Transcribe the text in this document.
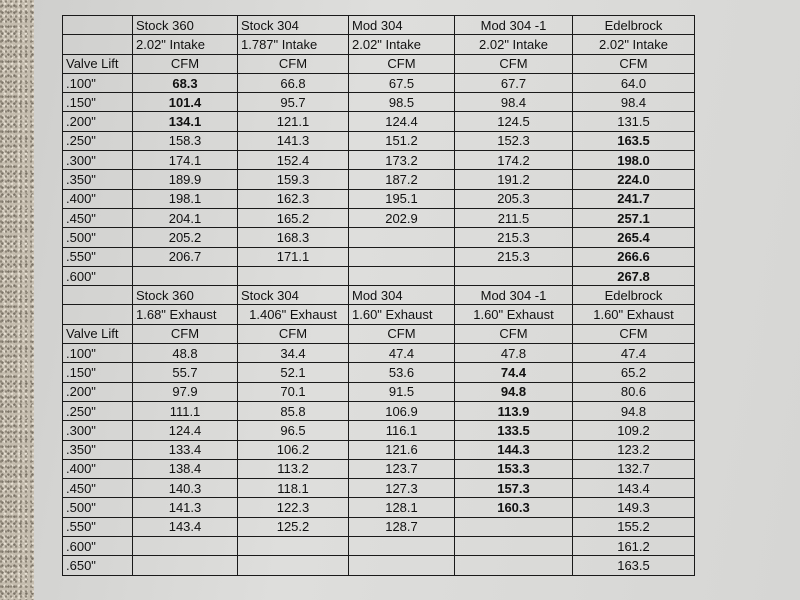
	Stock 360	Stock 304	Mod 304	Mod 304 -1	Edelbrock
	2.02" Intake	1.787" Intake	2.02" Intake	2.02" Intake	2.02" Intake
Valve Lift	CFM	CFM	CFM	CFM	CFM
.100"	68.3	66.8	67.5	67.7	64.0
.150"	101.4	95.7	98.5	98.4	98.4
.200"	134.1	121.1	124.4	124.5	131.5
.250"	158.3	141.3	151.2	152.3	163.5
.300"	174.1	152.4	173.2	174.2	198.0
.350"	189.9	159.3	187.2	191.2	224.0
.400"	198.1	162.3	195.1	205.3	241.7
.450"	204.1	165.2	202.9	211.5	257.1
.500"	205.2	168.3		215.3	265.4
.550"	206.7	171.1		215.3	266.6
.600"					267.8
	Stock 360	Stock 304	Mod 304	Mod 304 -1	Edelbrock
	1.68" Exhaust	1.406" Exhaust	1.60" Exhaust	1.60" Exhaust	1.60" Exhaust
Valve Lift	CFM	CFM	CFM	CFM	CFM
.100"	48.8	34.4	47.4	47.8	47.4
.150"	55.7	52.1	53.6	74.4	65.2
.200"	97.9	70.1	91.5	94.8	80.6
.250"	111.1	85.8	106.9	113.9	94.8
.300"	124.4	96.5	116.1	133.5	109.2
.350"	133.4	106.2	121.6	144.3	123.2
.400"	138.4	113.2	123.7	153.3	132.7
.450"	140.3	118.1	127.3	157.3	143.4
.500"	141.3	122.3	128.1	160.3	149.3
.550"	143.4	125.2	128.7		155.2
.600"					161.2
.650"					163.5
